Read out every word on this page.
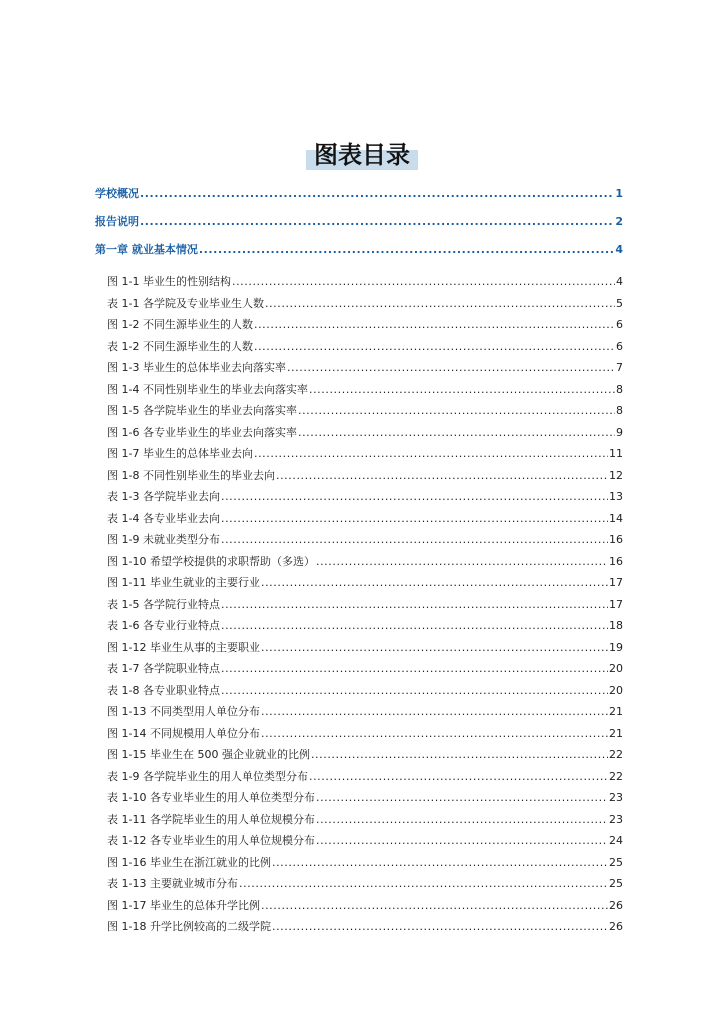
图表目录
学校概况 .....	1
报告说明 .....	2
第一章 就业基本情况 .....	4
图 1-1 毕业生的性别结构 .....	4
表 1-1 各学院及专业毕业生人数 .....	5
图 1-2 不同生源毕业生的人数 .....	6
表 1-2 不同生源毕业生的人数 .....	6
图 1-3 毕业生的总体毕业去向落实率 .....	7
图 1-4 不同性别毕业生的毕业去向落实率 .....	8
图 1-5 各学院毕业生的毕业去向落实率 .....	8
图 1-6 各专业毕业生的毕业去向落实率 .....	9
图 1-7 毕业生的总体毕业去向 .....	11
图 1-8 不同性别毕业生的毕业去向 .....	12
表 1-3 各学院毕业去向 .....	13
表 1-4 各专业毕业去向 .....	14
图 1-9 未就业类型分布 .....	16
图 1-10 希望学校提供的求职帮助（多选） .....	16
图 1-11 毕业生就业的主要行业 .....	17
表 1-5 各学院行业特点 .....	17
表 1-6 各专业行业特点 .....	18
图 1-12 毕业生从事的主要职业 .....	19
表 1-7 各学院职业特点 .....	20
表 1-8 各专业职业特点 .....	20
图 1-13 不同类型用人单位分布 .....	21
图 1-14 不同规模用人单位分布 .....	21
图 1-15 毕业生在 500 强企业就业的比例 .....	22
表 1-9 各学院毕业生的用人单位类型分布 .....	22
表 1-10 各专业毕业生的用人单位类型分布 .....	23
表 1-11 各学院毕业生的用人单位规模分布 .....	23
表 1-12 各专业毕业生的用人单位规模分布 .....	24
图 1-16 毕业生在浙江就业的比例 .....	25
表 1-13 主要就业城市分布 .....	25
图 1-17 毕业生的总体升学比例 .....	26
图 1-18 升学比例较高的二级学院 .....	26
